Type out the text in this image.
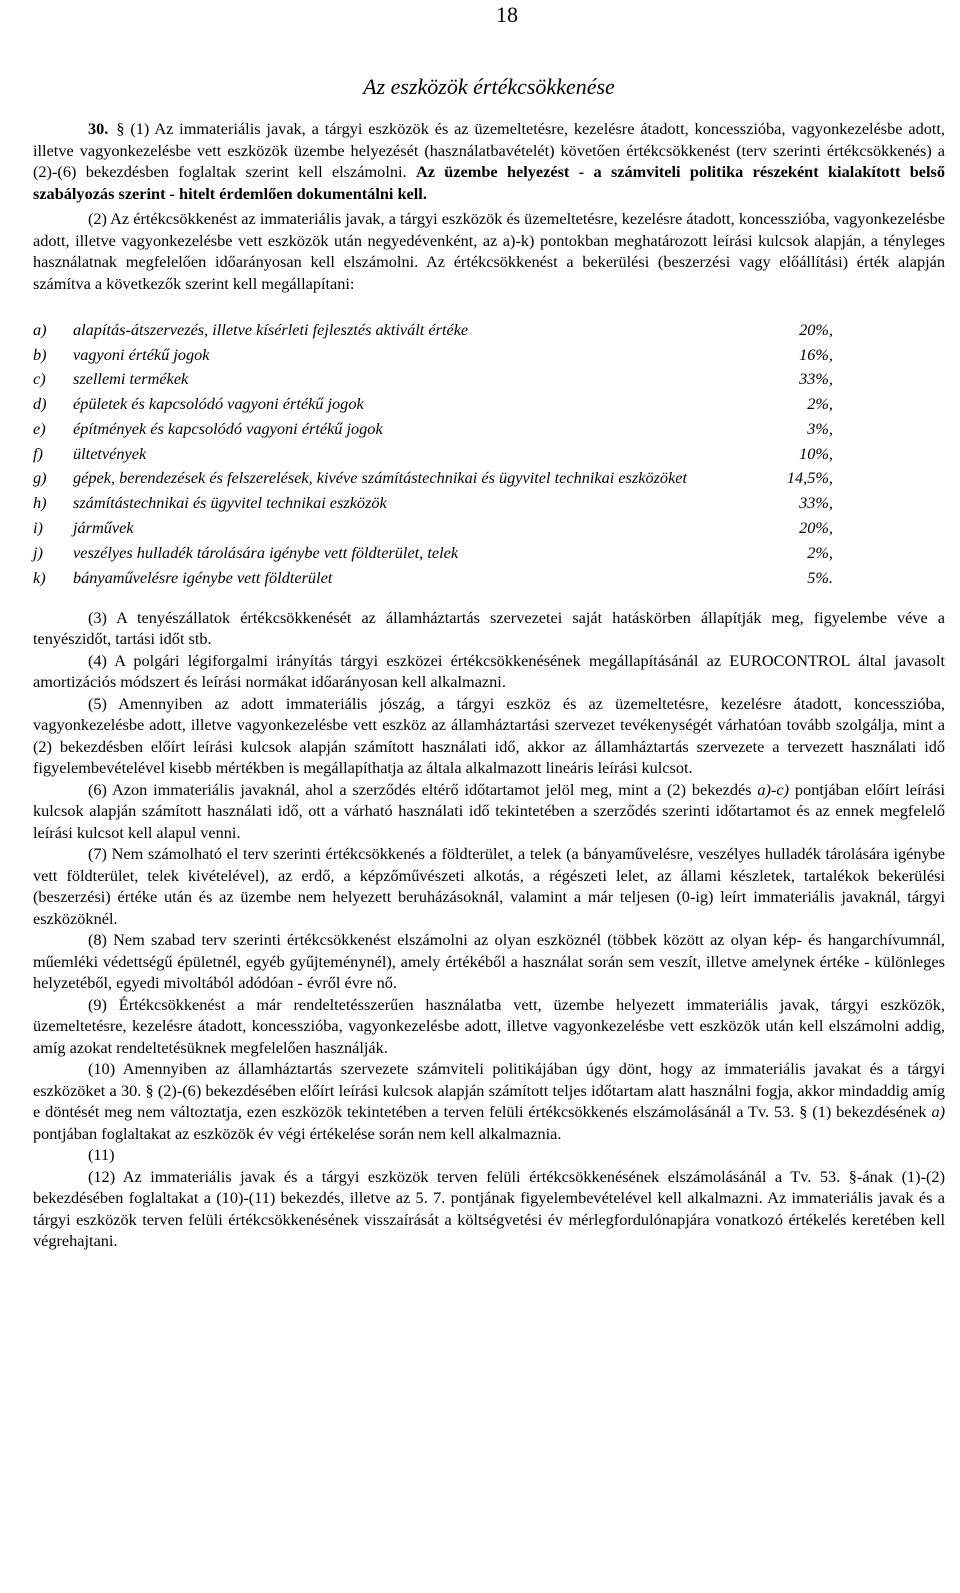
18
Az eszközök értékcsökkenése

30. § (1) Az immateriális javak, a tárgyi eszközök és az üzemeltetésre, kezelésre átadott, koncesszióba, vagyonkezelésbe adott, illetve vagyonkezelésbe vett eszközök üzembe helyezését (használatbavételét) követően értékcsökkenést (terv szerinti értékcsökkenés) a (2)-(6) bekezdésben foglaltak szerint kell elszámolni. Az üzembe helyezést - a számviteli politika részeként kialakított belső szabályozás szerint - hitelt érdemlően dokumentálni kell.

(2) Az értékcsökkenést az immateriális javak, a tárgyi eszközök és üzemeltetésre, kezelésre átadott, koncesszióba, vagyonkezelésbe adott, illetve vagyonkezelésbe vett eszközök után negyedévenként, az a)-k) pontokban meghatározott leírási kulcsok alapján, a tényleges használatnak megfelelően időarányosan kell elszámolni. Az értékcsökkenést a bekerülési (beszerzési vagy előállítási) érték alapján számítva a következők szerint kell megállapítani:

a)	alapítás-átszervezés, illetve kísérleti fejlesztés aktivált értéke	20%,	
b)	vagyoni értékű jogok	16%,	
c)	szellemi termékek	33%,	
d)	épületek és kapcsolódó vagyoni értékű jogok	2%,	
e)	építmények és kapcsolódó vagyoni értékű jogok	3%,	
f)	ültetvények	10%,	
g)	gépek, berendezések és felszerelések, kivéve számítástechnikai és ügyvitel technikai eszközöket	14,5%,	
h)	számítástechnikai és ügyvitel technikai eszközök	33%,	
i)	járművek	20%,	
j)	veszélyes hulladék tárolására igénybe vett földterület, telek	2%,	
k)	bányaművelésre igénybe vett földterület	5%.	

(3) A tenyészállatok értékcsökkenését az államháztartás szervezetei saját hatáskörben állapítják meg, figyelembe véve a tenyészidőt, tartási időt stb.

(4) A polgári légiforgalmi irányítás tárgyi eszközei értékcsökkenésének megállapításánál az EUROCONTROL által javasolt amortizációs módszert és leírási normákat időarányosan kell alkalmazni.

(5) Amennyiben az adott immateriális jószág, a tárgyi eszköz és az üzemeltetésre, kezelésre átadott, koncesszióba, vagyonkezelésbe adott, illetve vagyonkezelésbe vett eszköz az államháztartási szervezet tevékenységét várhatóan tovább szolgálja, mint a (2) bekezdésben előírt leírási kulcsok alapján számított használati idő, akkor az államháztartás szervezete a tervezett használati idő figyelembevételével kisebb mértékben is megállapíthatja az általa alkalmazott lineáris leírási kulcsot.

(6) Azon immateriális javaknál, ahol a szerződés eltérő időtartamot jelöl meg, mint a (2) bekezdés a)-c) pontjában előírt leírási kulcsok alapján számított használati idő, ott a várható használati idő tekintetében a szerződés szerinti időtartamot és az ennek megfelelő leírási kulcsot kell alapul venni.

(7) Nem számolható el terv szerinti értékcsökkenés a földterület, a telek (a bányaművelésre, veszélyes hulladék tárolására igénybe vett földterület, telek kivételével), az erdő, a képzőművészeti alkotás, a régészeti lelet, az állami készletek, tartalékok bekerülési (beszerzési) értéke után és az üzembe nem helyezett beruházásoknál, valamint a már teljesen (0-ig) leírt immateriális javaknál, tárgyi eszközöknél.

(8) Nem szabad terv szerinti értékcsökkenést elszámolni az olyan eszköznél (többek között az olyan kép- és hangarchívumnál, műemléki védettségű épületnél, egyéb gyűjteménynél), amely értékéből a használat során sem veszít, illetve amelynek értéke - különleges helyzetéből, egyedi mivoltából adódóan - évről évre nő.

(9) Értékcsökkenést a már rendeltetésszerűen használatba vett, üzembe helyezett immateriális javak, tárgyi eszközök, üzemeltetésre, kezelésre átadott, koncesszióba, vagyonkezelésbe adott, illetve vagyonkezelésbe vett eszközök után kell elszámolni addig, amíg azokat rendeltetésüknek megfelelően használják.

(10) Amennyiben az államháztartás szervezete számviteli politikájában úgy dönt, hogy az immateriális javakat és a tárgyi eszközöket a 30. § (2)-(6) bekezdésében előírt leírási kulcsok alapján számított teljes időtartam alatt használni fogja, akkor mindaddig amíg e döntését meg nem változtatja, ezen eszközök tekintetében a terven felüli értékcsökkenés elszámolásánál a Tv. 53. § (1) bekezdésének a) pontjában foglaltakat az eszközök év végi értékelése során nem kell alkalmaznia.

(11)

(12) Az immateriális javak és a tárgyi eszközök terven felüli értékcsökkenésének elszámolásánál a Tv. 53. §-ának (1)-(2) bekezdésében foglaltakat a (10)-(11) bekezdés, illetve az 5. 7. pontjának figyelembevételével kell alkalmazni. Az immateriális javak és a tárgyi eszközök terven felüli értékcsökkenésének visszaírását a költségvetési év mérlegfordulónapjára vonatkozó értékelés keretében kell végrehajtani.
